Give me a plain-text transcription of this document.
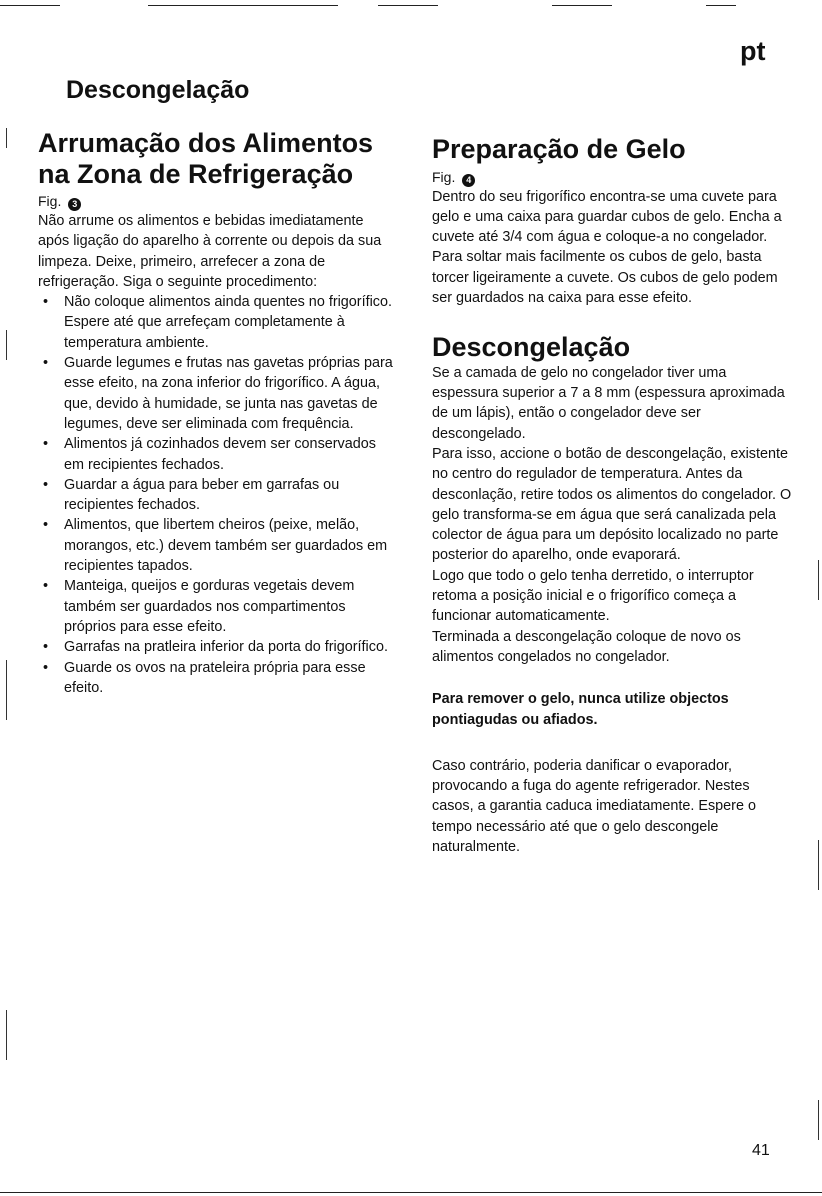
pt
Descongelação
Arrumação dos Alimentos na Zona de Refrigeração
Fig. 3

Não arrume os alimentos e bebidas imediatamente após ligação do aparelho à corrente ou depois da sua limpeza. Deixe, primeiro, arrefecer a zona de refrigeração. Siga o seguinte procedimento:

• Não coloque alimentos ainda quentes no frigorífico. Espere até que arrefeçam completamente à temperatura ambiente.
• Guarde legumes e frutas nas gavetas próprias para esse efeito, na zona inferior do frigorífico. A água, que, devido à humidade, se junta nas gavetas de legumes, deve ser eliminada com frequência.
• Alimentos já cozinhados devem ser conservados em recipientes fechados.
• Guardar a água para beber em garrafas ou recipientes fechados.
• Alimentos, que libertem cheiros (peixe, melão, morangos, etc.) devem também ser guardados em recipientes tapados.
• Manteiga, queijos e gorduras vegetais devem também ser guardados nos compartimentos próprios para esse efeito.
• Garrafas na pratleira inferior da porta do frigorífico.
• Guarde os ovos na prateleira própria para esse efeito.
Preparação de Gelo
Fig. 4

Dentro do seu frigorífico encontra-se uma cuvete para gelo e uma caixa para guardar cubos de gelo. Encha a cuvete até 3/4 com água e coloque-a no congelador. Para soltar mais facilmente os cubos de gelo, basta torcer ligeiramente a cuvete. Os cubos de gelo podem ser guardados na caixa para esse efeito.

Descongelação

Se a camada de gelo no congelador tiver uma espessura superior a 7 a 8 mm (espessura aproximada de um lápis), então o congelador deve ser descongelado.

Para isso, accione o botão de descongelação, existente no centro do regulador de temperatura. Antes da desconlação, retire todos os alimentos do congelador. O gelo transforma-se em água que será canalizada pela colector de água para um depósito localizado no parte posterior do aparelho, onde evaporará.

Logo que todo o gelo tenha derretido, o interruptor retoma a posição inicial e o frigorífico começa a funcionar automaticamente.

Terminada a descongelação coloque de novo os alimentos congelados no congelador.

Para remover o gelo, nunca utilize objectos pontiagudas ou afiados.

Caso contrário, poderia danificar o evaporador, provocando a fuga do agente refrigerador. Nestes casos, a garantia caduca imediatamente. Espere o tempo necessário até que o gelo descongele naturalmente.

41
